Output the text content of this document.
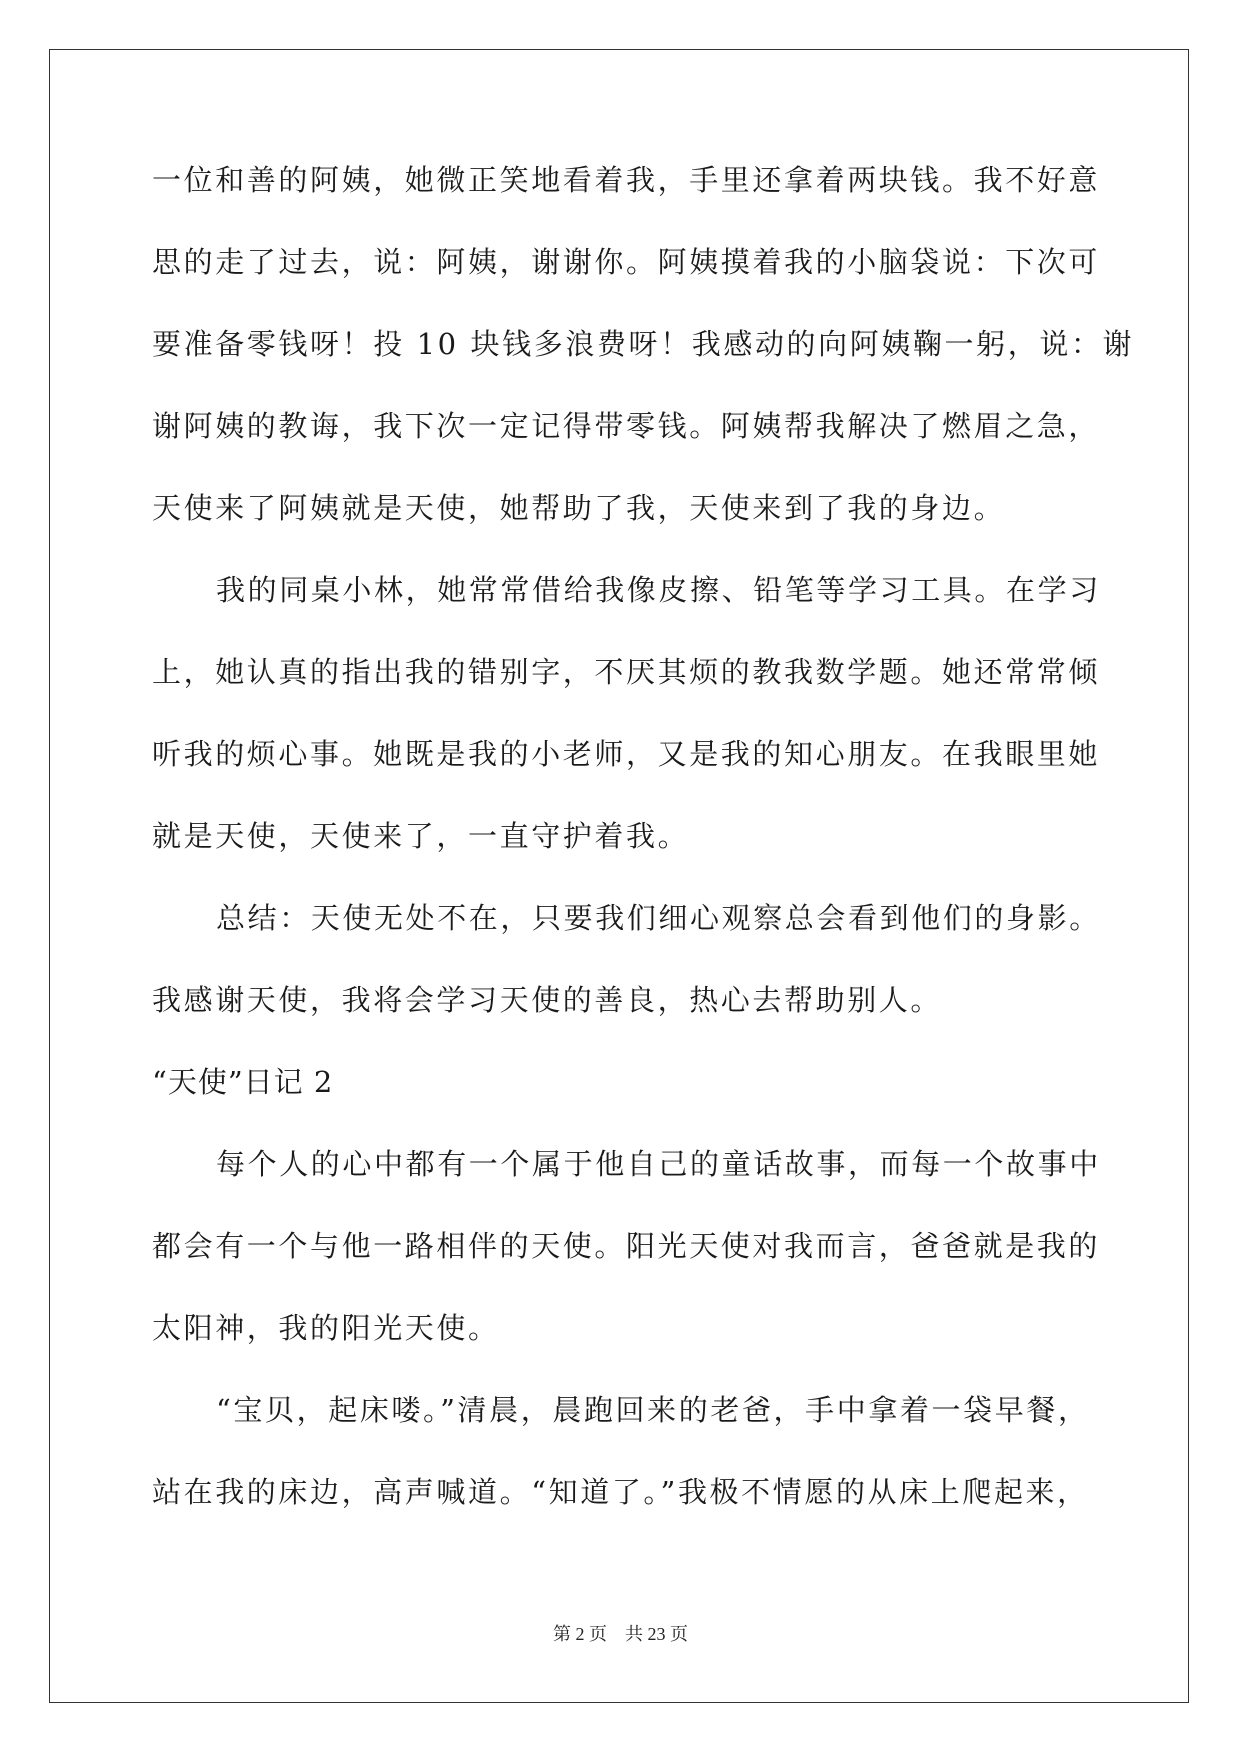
一位和善的阿姨，她微正笑地看着我，手里还拿着两块钱。我不好意
思的走了过去，说：阿姨，谢谢你。阿姨摸着我的小脑袋说：下次可
要准备零钱呀！投 10 块钱多浪费呀！我感动的向阿姨鞠一躬，说：谢
谢阿姨的教诲，我下次一定记得带零钱。阿姨帮我解决了燃眉之急，
天使来了阿姨就是天使，她帮助了我，天使来到了我的身边。
我的同桌小林，她常常借给我像皮擦、铅笔等学习工具。在学习
上，她认真的指出我的错别字，不厌其烦的教我数学题。她还常常倾
听我的烦心事。她既是我的小老师，又是我的知心朋友。在我眼里她
就是天使，天使来了，一直守护着我。
总结：天使无处不在，只要我们细心观察总会看到他们的身影。
我感谢天使，我将会学习天使的善良，热心去帮助别人。
“天使”日记 2
每个人的心中都有一个属于他自己的童话故事，而每一个故事中
都会有一个与他一路相伴的天使。阳光天使对我而言，爸爸就是我的
太阳神，我的阳光天使。
“宝贝，起床喽。”清晨，晨跑回来的老爸，手中拿着一袋早餐，
站在我的床边，高声喊道。“知道了。”我极不情愿的从床上爬起来，
第 2 页 共 23 页
